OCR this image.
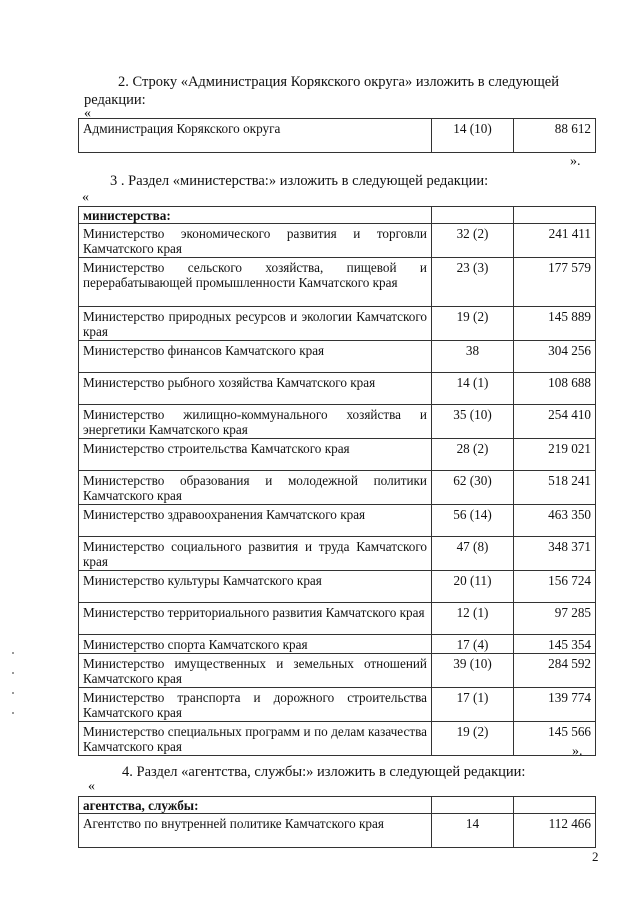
2. Строку «Администрация Корякского округа» изложить в следующей
редакции:
«
Администрация Корякского округа	14 (10)	88 612
».
3 . Раздел «министерства:» изложить в следующей редакции:
«
министерства:		
Министерство экономического развития и торговли Камчатского края	32 (2)	241 411
Министерство сельского хозяйства, пищевой и перерабатывающей промышленности Камчатского края	23 (3)	177 579
Министерство природных ресурсов и экологии Камчатского края	19 (2)	145 889
Министерство финансов Камчатского края	38	304 256
Министерство рыбного хозяйства Камчатского края	14 (1)	108 688
Министерство жилищно-коммунального хозяйства и энергетики Камчатского края	35 (10)	254 410
Министерство строительства Камчатского края	28 (2)	219 021
Министерство образования и молодежной политики Камчатского края	62 (30)	518 241
Министерство здравоохранения Камчатского края	56 (14)	463 350
Министерство социального развития и труда Камчатского края	47 (8)	348 371
Министерство культуры Камчатского края	20 (11)	156 724
Министерство территориального развития Камчатского края	12 (1)	97 285
Министерство спорта Камчатского края	17 (4)	145 354
Министерство имущественных и земельных отношений Камчатского края	39 (10)	284 592
Министерство транспорта и дорожного строительства Камчатского края	17 (1)	139 774
Министерство специальных программ и по делам казачества Камчатского края	19 (2)	145 566
».
«
4. Раздел «агентства, службы:» изложить в следующей редакции:
агентства, службы:		
Агентство по внутренней политике Камчатского края	14	112 466
2
